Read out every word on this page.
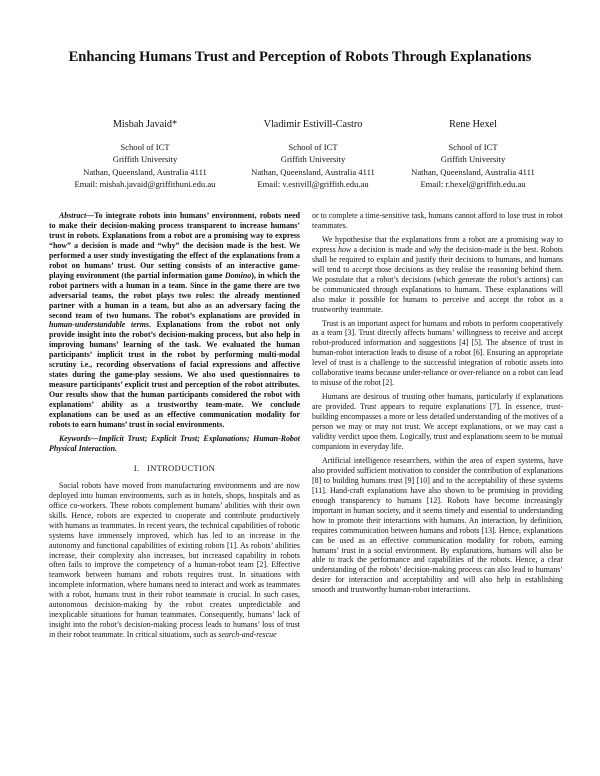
Enhancing Humans Trust and Perception of Robots Through Explanations
Misbah Javaid*
School of ICT
Griffith University
Nathan, Queensland, Australia 4111
Email: misbah.javaid@griffithuni.edu.au
Vladimir Estivill-Castro
School of ICT
Griffith University
Nathan, Queensland, Australia 4111
Email: v.estivill@griffith.edu.au
Rene Hexel
School of ICT
Griffith University
Nathan, Queensland, Australia 4111
Email: r.hexel@griffith.edu.au

Abstract—To integrate robots into humans’ environment, robots need to make their decision-making process transparent to increase humans’ trust in robots. Explanations from a robot are a promising way to express “how” a decision is made and “why” the decision made is the best. We performed a user study investigating the effect of the explanations from a robot on humans’ trust. Our setting consists of an interactive game-playing environment (the partial information game Domino), in which the robot partners with a human in a team. Since in the game there are two adversarial teams, the robot plays two roles: the already mentioned partner with a human in a team, but also as an adversary facing the second team of two humans. The robot’s explanations are provided in human-understandable terms. Explanations from the robot not only provide insight into the robot’s decision-making process, but also help in improving humans’ learning of the task. We evaluated the human participants’ implicit trust in the robot by performing multi-modal scrutiny i.e., recording observations of facial expressions and affective states during the game-play sessions. We also used questionnaires to measure participants’ explicit trust and perception of the robot attributes. Our results show that the human participants considered the robot with explanations’ ability as a trustworthy team-mate. We conclude explanations can be used as an effective communication modality for robots to earn humans’ trust in social environments.

Keywords—Implicit Trust; Explicit Trust; Explanations; Human-Robot Physical Interaction.

I. INTRODUCTION

Social robots have moved from manufacturing environments and are now deployed into human environments, such as in hotels, shops, hospitals and as office co-workers. These robots complement humans’ abilities with their own skills. Hence, robots are expected to cooperate and contribute productively with humans as teammates. In recent years, the technical capabilities of robotic systems have immensely improved, which has led to an increase in the autonomy and functional capabilities of existing robots [1]. As robots’ abilities increase, their complexity also increases, but increased capability in robots often fails to improve the competency of a human-robot team [2]. Effective teamwork between humans and robots requires trust. In situations with incomplete information, where humans need to interact and work as teammates with a robot, humans trust in their robot teammate is crucial. In such cases, autonomous decision-making by the robot creates unpredictable and inexplicable situations for human teammates. Consequently, humans’ lack of insight into the robot’s decision-making process leads to humans’ loss of trust in their robot teammate. In critical situations, such as search-and-rescue

or to complete a time-sensitive task, humans cannot afford to lose trust in robot teammates.

We hypothesise that the explanations from a robot are a promising way to express how a decision is made and why the decision-made is the best. Robots shall be required to explain and justify their decisions to humans, and humans will tend to accept those decisions as they realise the reasoning behind them. We postulate that a robot’s decisions (which generate the robot’s actions) can be communicated through explanations to humans. These explanations will also make it possible for humans to perceive and accept the robot as a trustworthy teammate.

Trust is an important aspect for humans and robots to perform cooperatively as a team [3]. Trust directly affects humans’ willingness to receive and accept robot-produced information and suggestions [4] [5]. The absence of trust in human-robot interaction leads to disuse of a robot [6]. Ensuring an appropriate level of trust is a challenge to the successful integration of robotic assets into collaborative teams because under-reliance or over-reliance on a robot can lead to misuse of the robot [2].

Humans are desirous of trusting other humans, particularly if explanations are provided. Trust appears to require explanations [7]. In essence, trust-building encompasses a more or less detailed understanding of the motives of a person we may or may not trust. We accept explanations, or we may cast a validity verdict upon them. Logically, trust and explanations seem to be mutual companions in everyday life.

Artificial intelligence researchers, within the area of expert systems, have also provided sufficient motivation to consider the contribution of explanations [8] to building humans trust [9] [10] and to the acceptability of these systems [11]. Hand-craft explanations have also shown to be promising in providing enough transparency to humans [12]. Robots have become increasingly important in human society, and it seems timely and essential to understanding how to promote their interactions with humans. An interaction, by definition, requires communication between humans and robots [13]. Hence, explanations can be used as an effective communication modality for robots, earning humans’ trust in a social environment. By explanations, humans will also be able to track the performance and capabilities of the robots. Hence, a clear understanding of the robots’ decision-making process can also lead to humans’ desire for interaction and acceptability and will also help in establishing smooth and trustworthy human-robot interactions.
